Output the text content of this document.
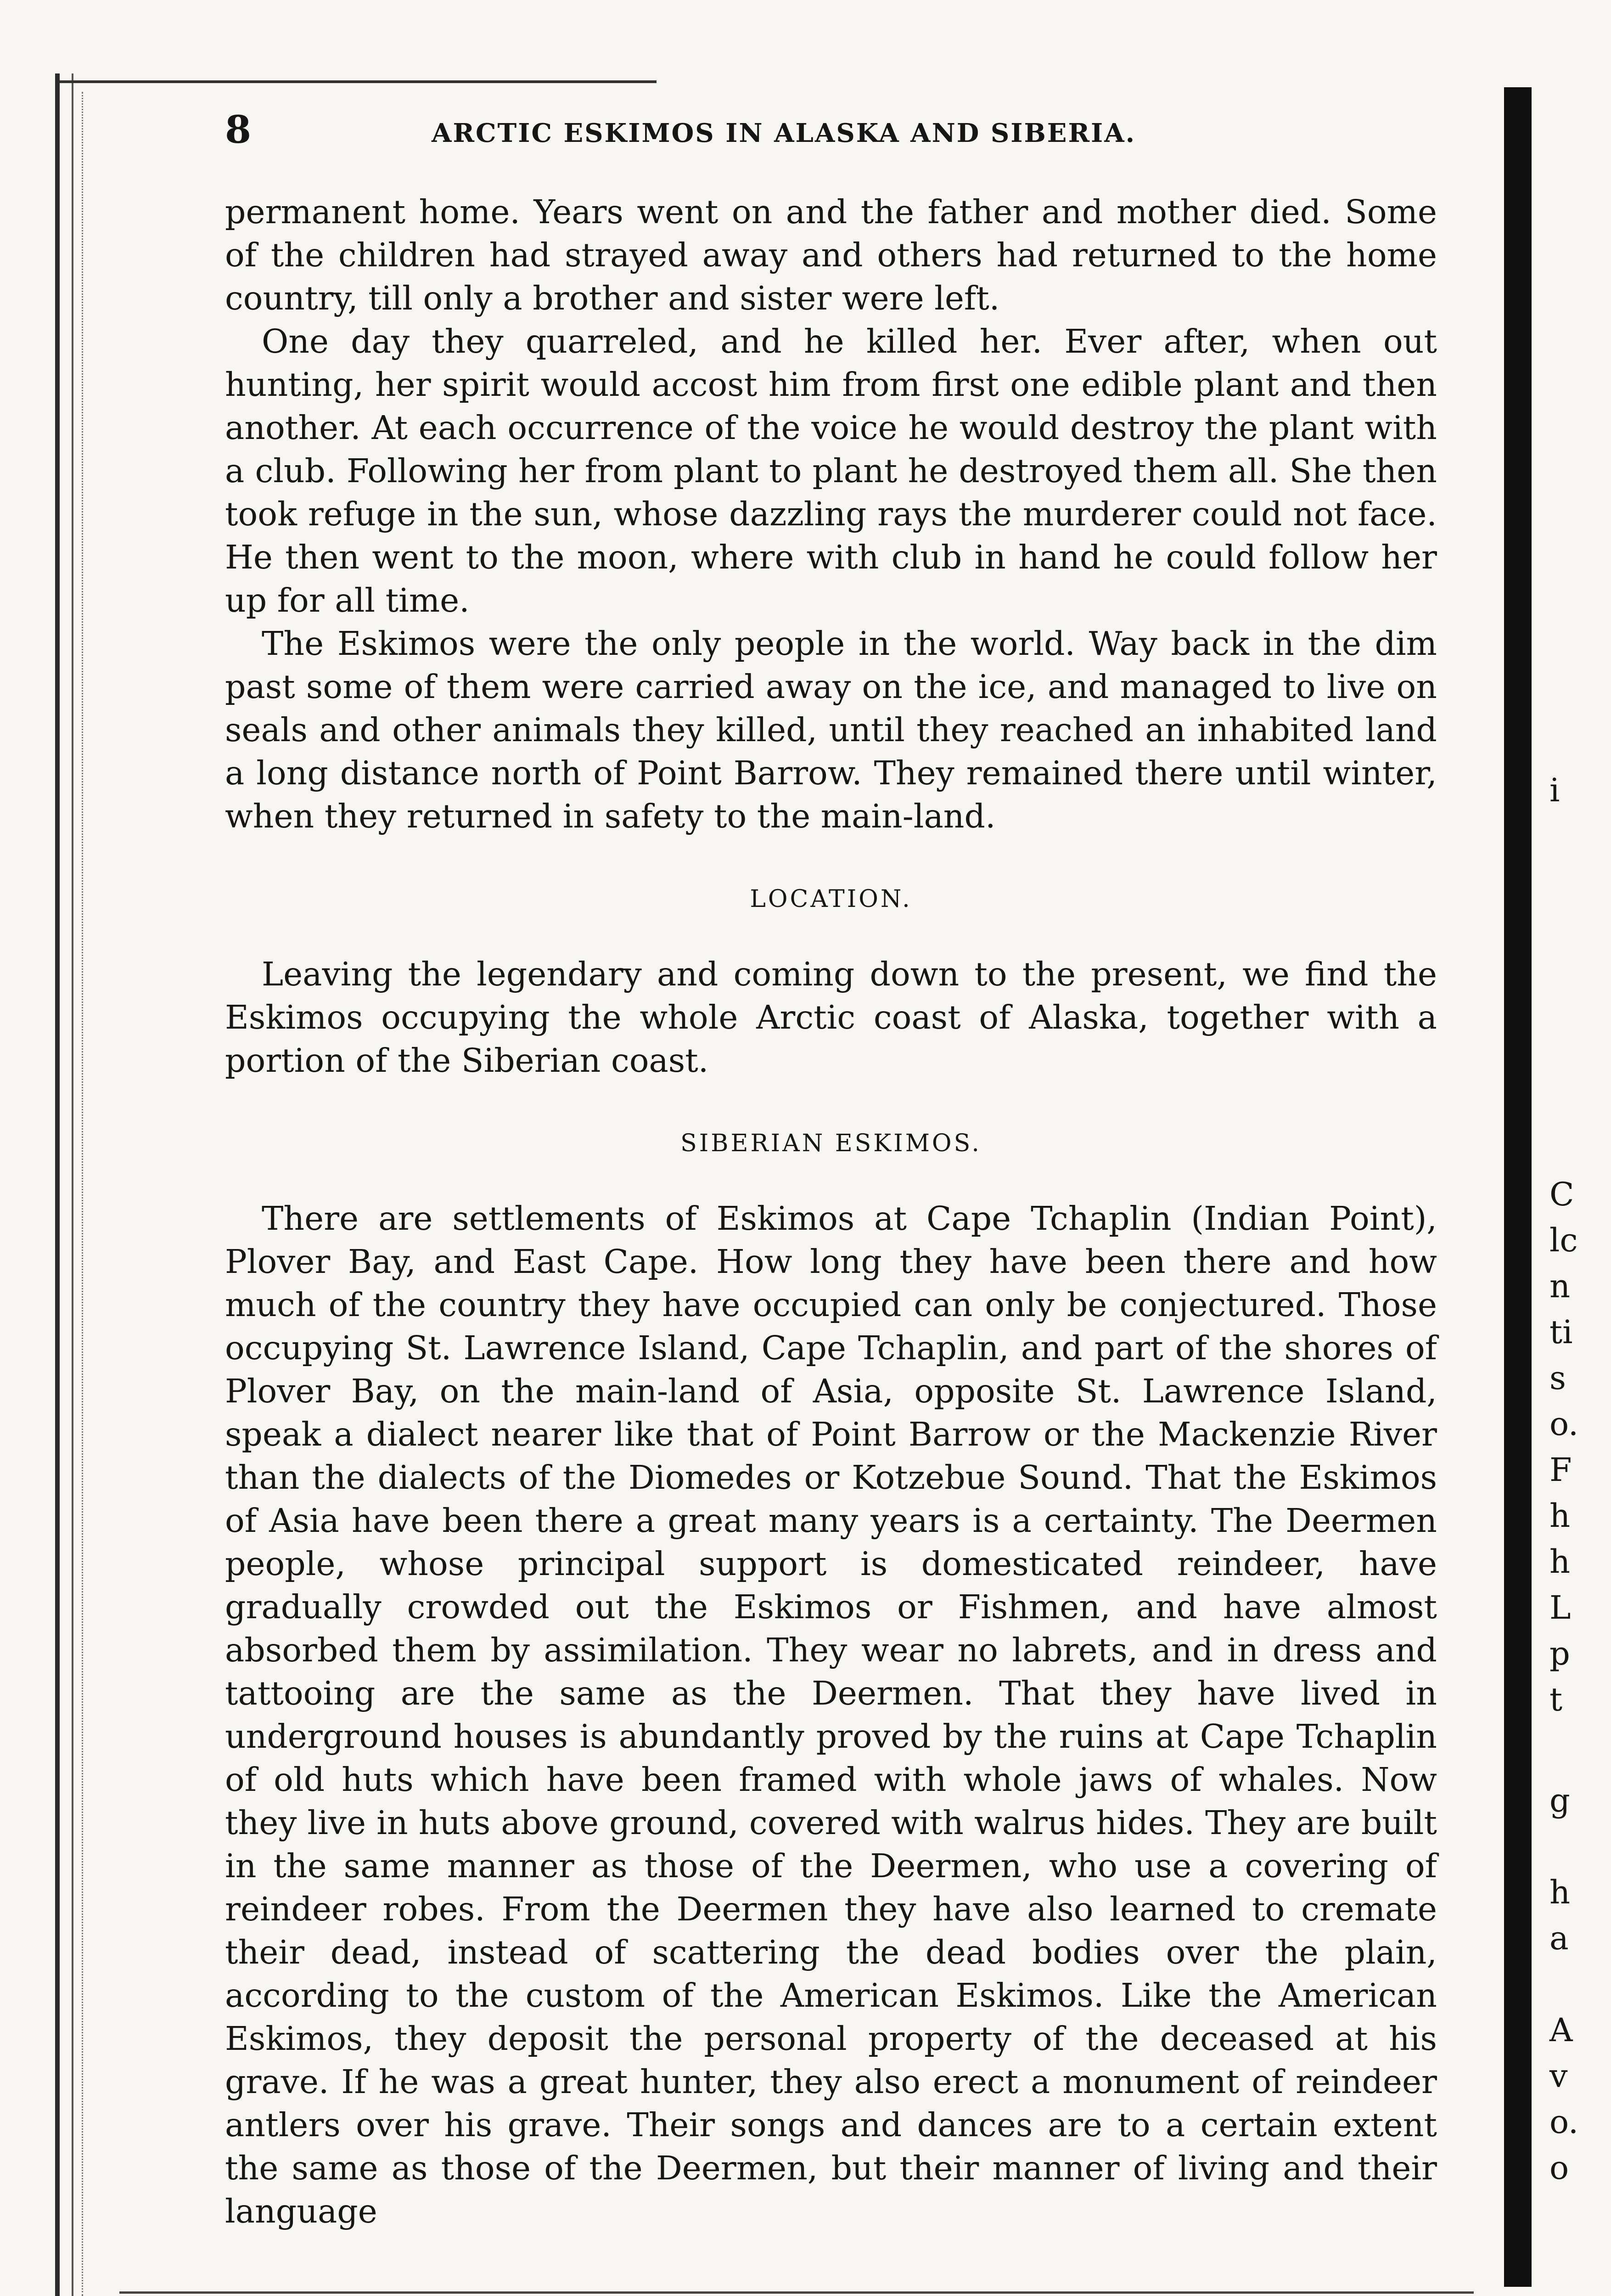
8	ARCTIC ESKIMOS IN ALASKA AND SIBERIA.

permanent home. Years went on and the father and mother died. Some of the children had strayed away and others had returned to the home country, till only a brother and sister were left.

One day they quarreled, and he killed her. Ever after, when out hunting, her spirit would accost him from first one edible plant and then another. At each occurrence of the voice he would destroy the plant with a club. Following her from plant to plant he destroyed them all. She then took refuge in the sun, whose dazzling rays the murderer could not face. He then went to the moon, where with club in hand he could follow her up for all time.

The Eskimos were the only people in the world. Way back in the dim past some of them were carried away on the ice, and managed to live on seals and other animals they killed, until they reached an inhabited land a long distance north of Point Barrow. They remained there until winter, when they returned in safety to the main-land.

LOCATION.

Leaving the legendary and coming down to the present, we find the Eskimos occupying the whole Arctic coast of Alaska, together with a portion of the Siberian coast.

SIBERIAN ESKIMOS.

There are settlements of Eskimos at Cape Tchaplin (Indian Point), Plover Bay, and East Cape. How long they have been there and how much of the country they have occupied can only be conjectured. Those occupying St. Lawrence Island, Cape Tchaplin, and part of the shores of Plover Bay, on the main-land of Asia, opposite St. Lawrence Island, speak a dialect nearer like that of Point Barrow or the Mackenzie River than the dialects of the Diomedes or Kotzebue Sound. That the Eskimos of Asia have been there a great many years is a certainty. The Deermen people, whose principal support is domesticated reindeer, have gradually crowded out the Eskimos or Fishmen, and have almost absorbed them by assimilation. They wear no labrets, and in dress and tattooing are the same as the Deermen. That they have lived in underground houses is abundantly proved by the ruins at Cape Tchaplin of old huts which have been framed with whole jaws of whales. Now they live in huts above ground, covered with walrus hides. They are built in the same manner as those of the Deermen, who use a covering of reindeer robes. From the Deermen they have also learned to cremate their dead, instead of scattering the dead bodies over the plain, according to the custom of the American Eskimos. Like the American Eskimos, they deposit the personal property of the deceased at his grave. If he was a great hunter, they also erect a monument of reindeer antlers over his grave. Their songs and dances are to a certain extent the same as those of the Deermen, but their manner of living and their language

i
C
lc
n
ti
s
o.
F
h
h
L
p
t
g
h
a
A
v
o.
o
